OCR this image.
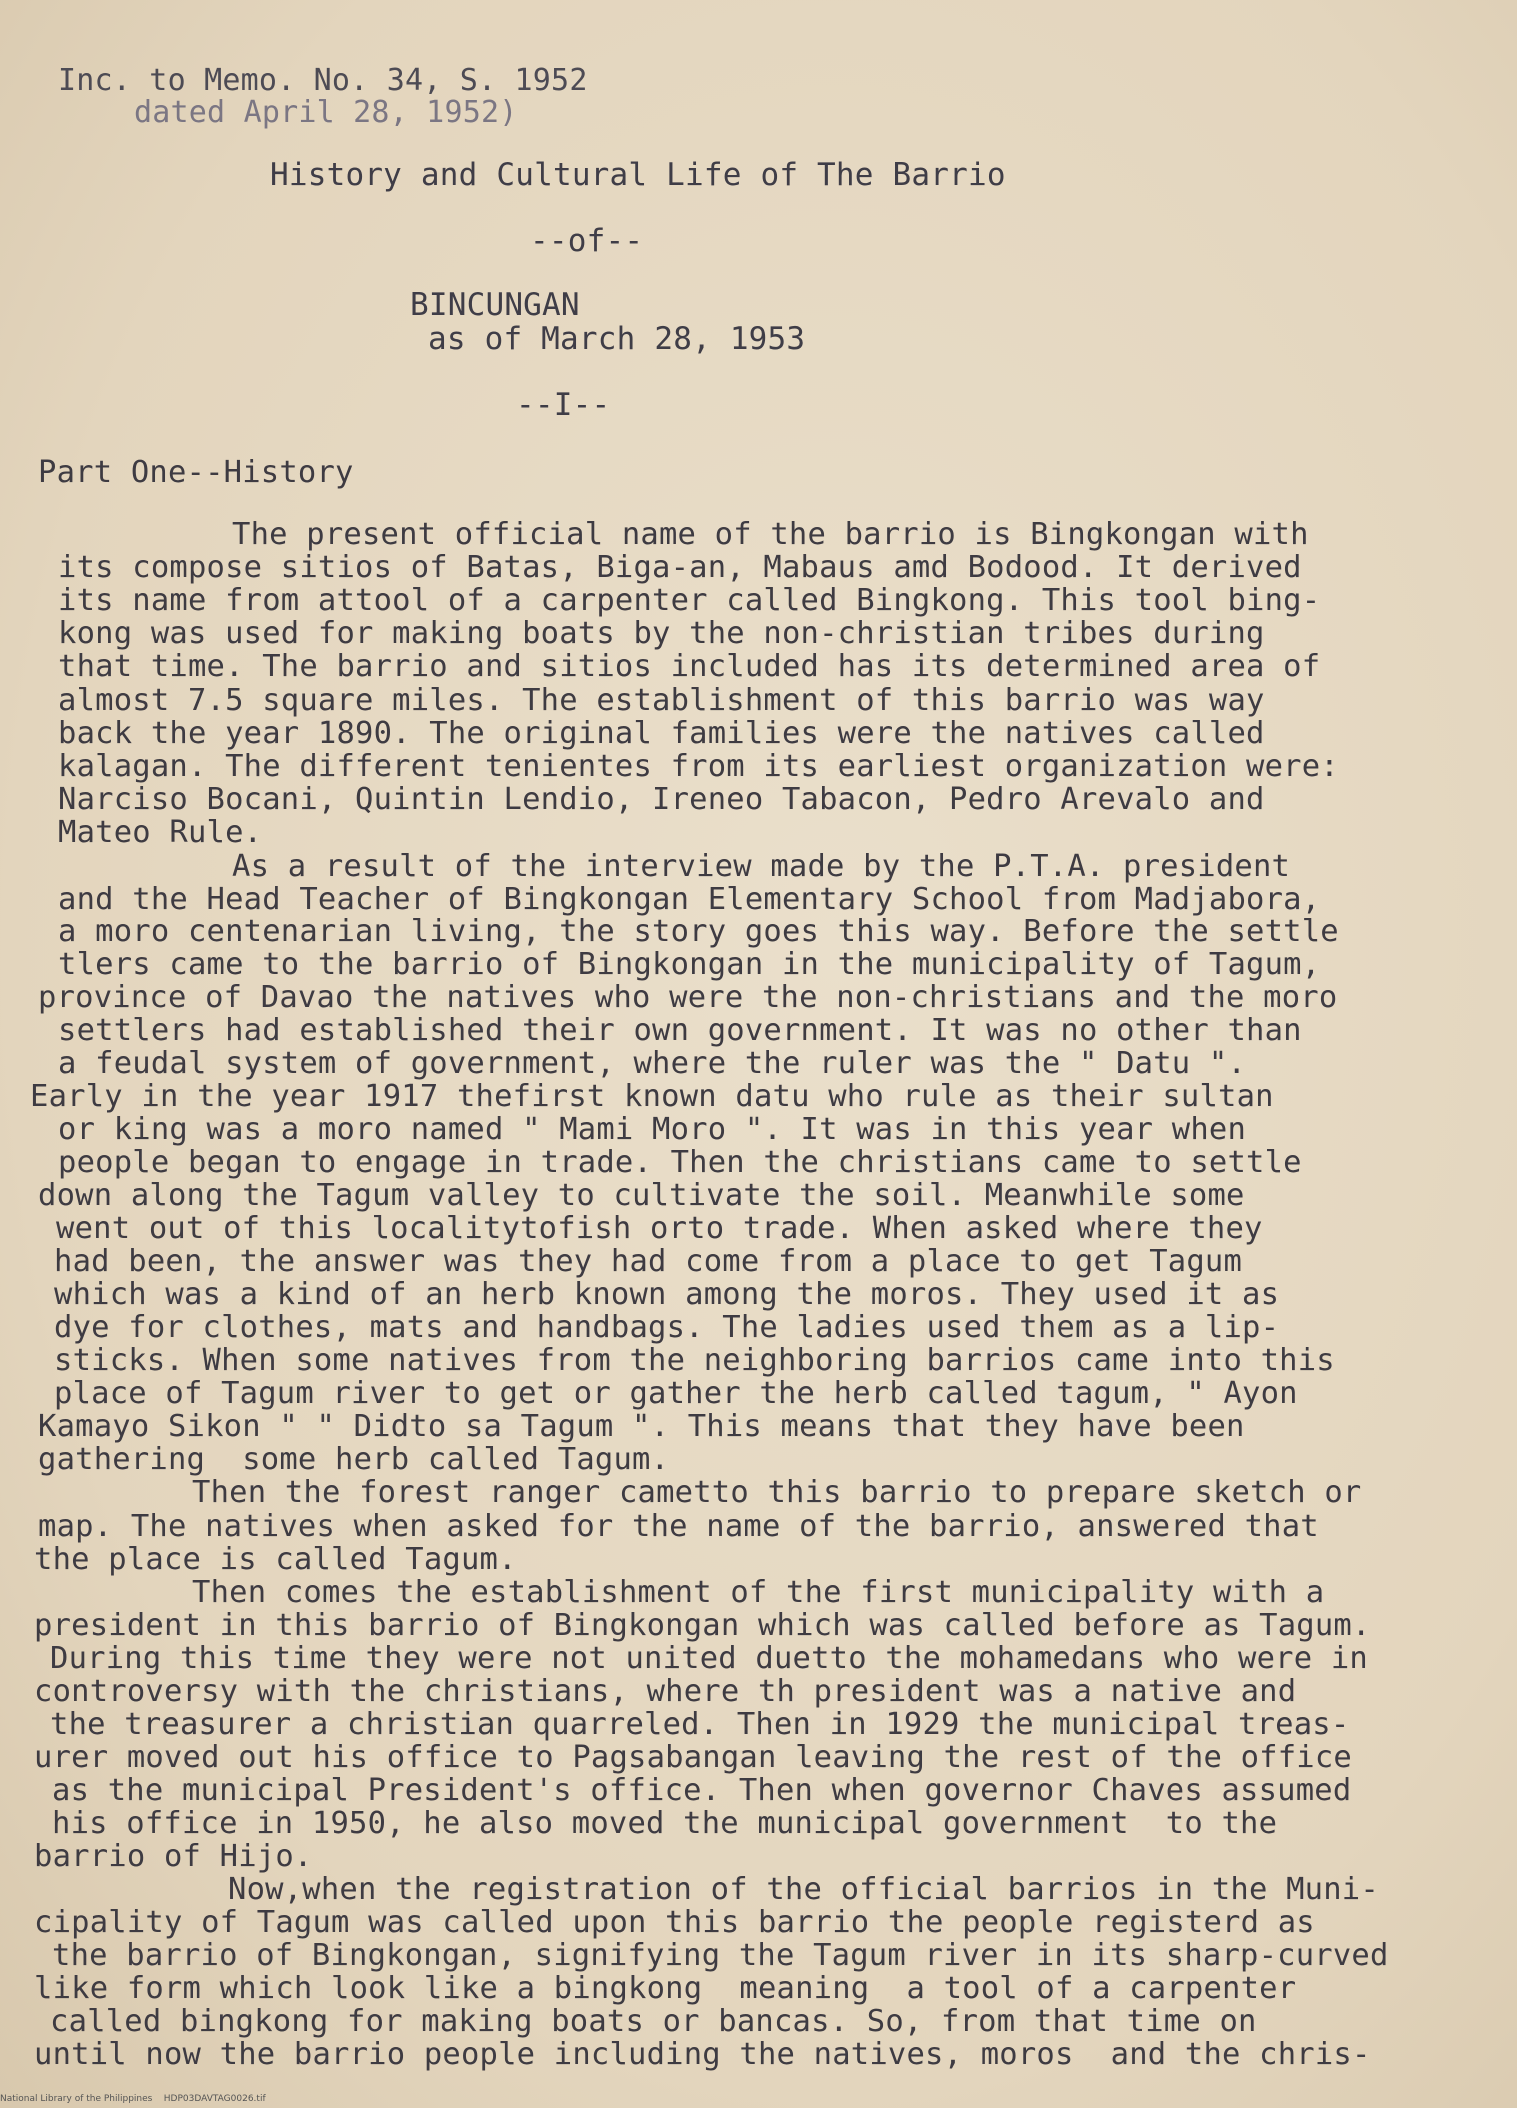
Inc. to Memo. No. 34, S. 1952
dated April 28, 1952)
History and Cultural Life of The Barrio
--of--
BINCUNGAN
as of March 28, 1953
--I--
Part One--History
The present official name of the barrio is Bingkongan with
its compose sitios of Batas, Biga-an, Mabaus amd Bodood. It derived
its name from attool of a carpenter called Bingkong. This tool bing-
kong was used for making boats by the non-christian tribes during
that time. The barrio and sitios included has its determined area of
almost 7.5 square miles. The establishment of this barrio was way
back the year 1890. The original families were the natives called
kalagan. The different tenientes from its earliest organization were:
Narciso Bocani, Quintin Lendio, Ireneo Tabacon, Pedro Arevalo and
Mateo Rule.
As a result of the interview made by the P.T.A. president
and the Head Teacher of Bingkongan Elementary School from Madjabora,
a moro centenarian living, the story goes this way. Before the settle
tlers came to the barrio of Bingkongan in the municipality of Tagum,
province of Davao the natives who were the non-christians and the moro
settlers had established their own government. It was no other than
a feudal system of government, where the ruler was the " Datu ".
Early in the year 1917 thefirst known datu who rule as their sultan
or king was a moro named " Mami Moro ". It was in this year when
people began to engage in trade. Then the christians came to settle
down along the Tagum valley to cultivate the soil. Meanwhile some
went out of this localitytofish orto trade. When asked where they
had been, the answer was they had come from a place to get Tagum
which was a kind of an herb known among the moros. They used it as
dye for clothes, mats and handbags. The ladies used them as a lip-
sticks. When some natives from the neighboring barrios came into this
place of Tagum river to get or gather the herb called tagum, " Ayon
Kamayo Sikon " " Didto sa Tagum ". This means that they have been
gathering  some herb called Tagum.
Then the forest ranger cametto this barrio to prepare sketch or
map. The natives when asked for the name of the barrio, answered that
the place is called Tagum.
Then comes the establishment of the first municipality with a
president in this barrio of Bingkongan which was called before as Tagum.
During this time they were not united duetto the mohamedans who were in
controversy with the christians, where th president was a native and
the treasurer a christian quarreled. Then in 1929 the municipal treas-
urer moved out his office to Pagsabangan leaving the rest of the office
as the municipal President's office. Then when governor Chaves assumed
his office in 1950, he also moved the municipal government  to the
barrio of Hijo.
Now,when the registration of the official barrios in the Muni-
cipality of Tagum was called upon this barrio the people registerd as
the barrio of Bingkongan, signifying the Tagum river in its sharp-curved
like form which look like a bingkong  meaning  a tool of a carpenter
called bingkong for making boats or bancas. So, from that time on
until now the barrio people including the natives, moros  and the chris-
National Library of the Philippines    HDP03DAVTAG0026.tif
